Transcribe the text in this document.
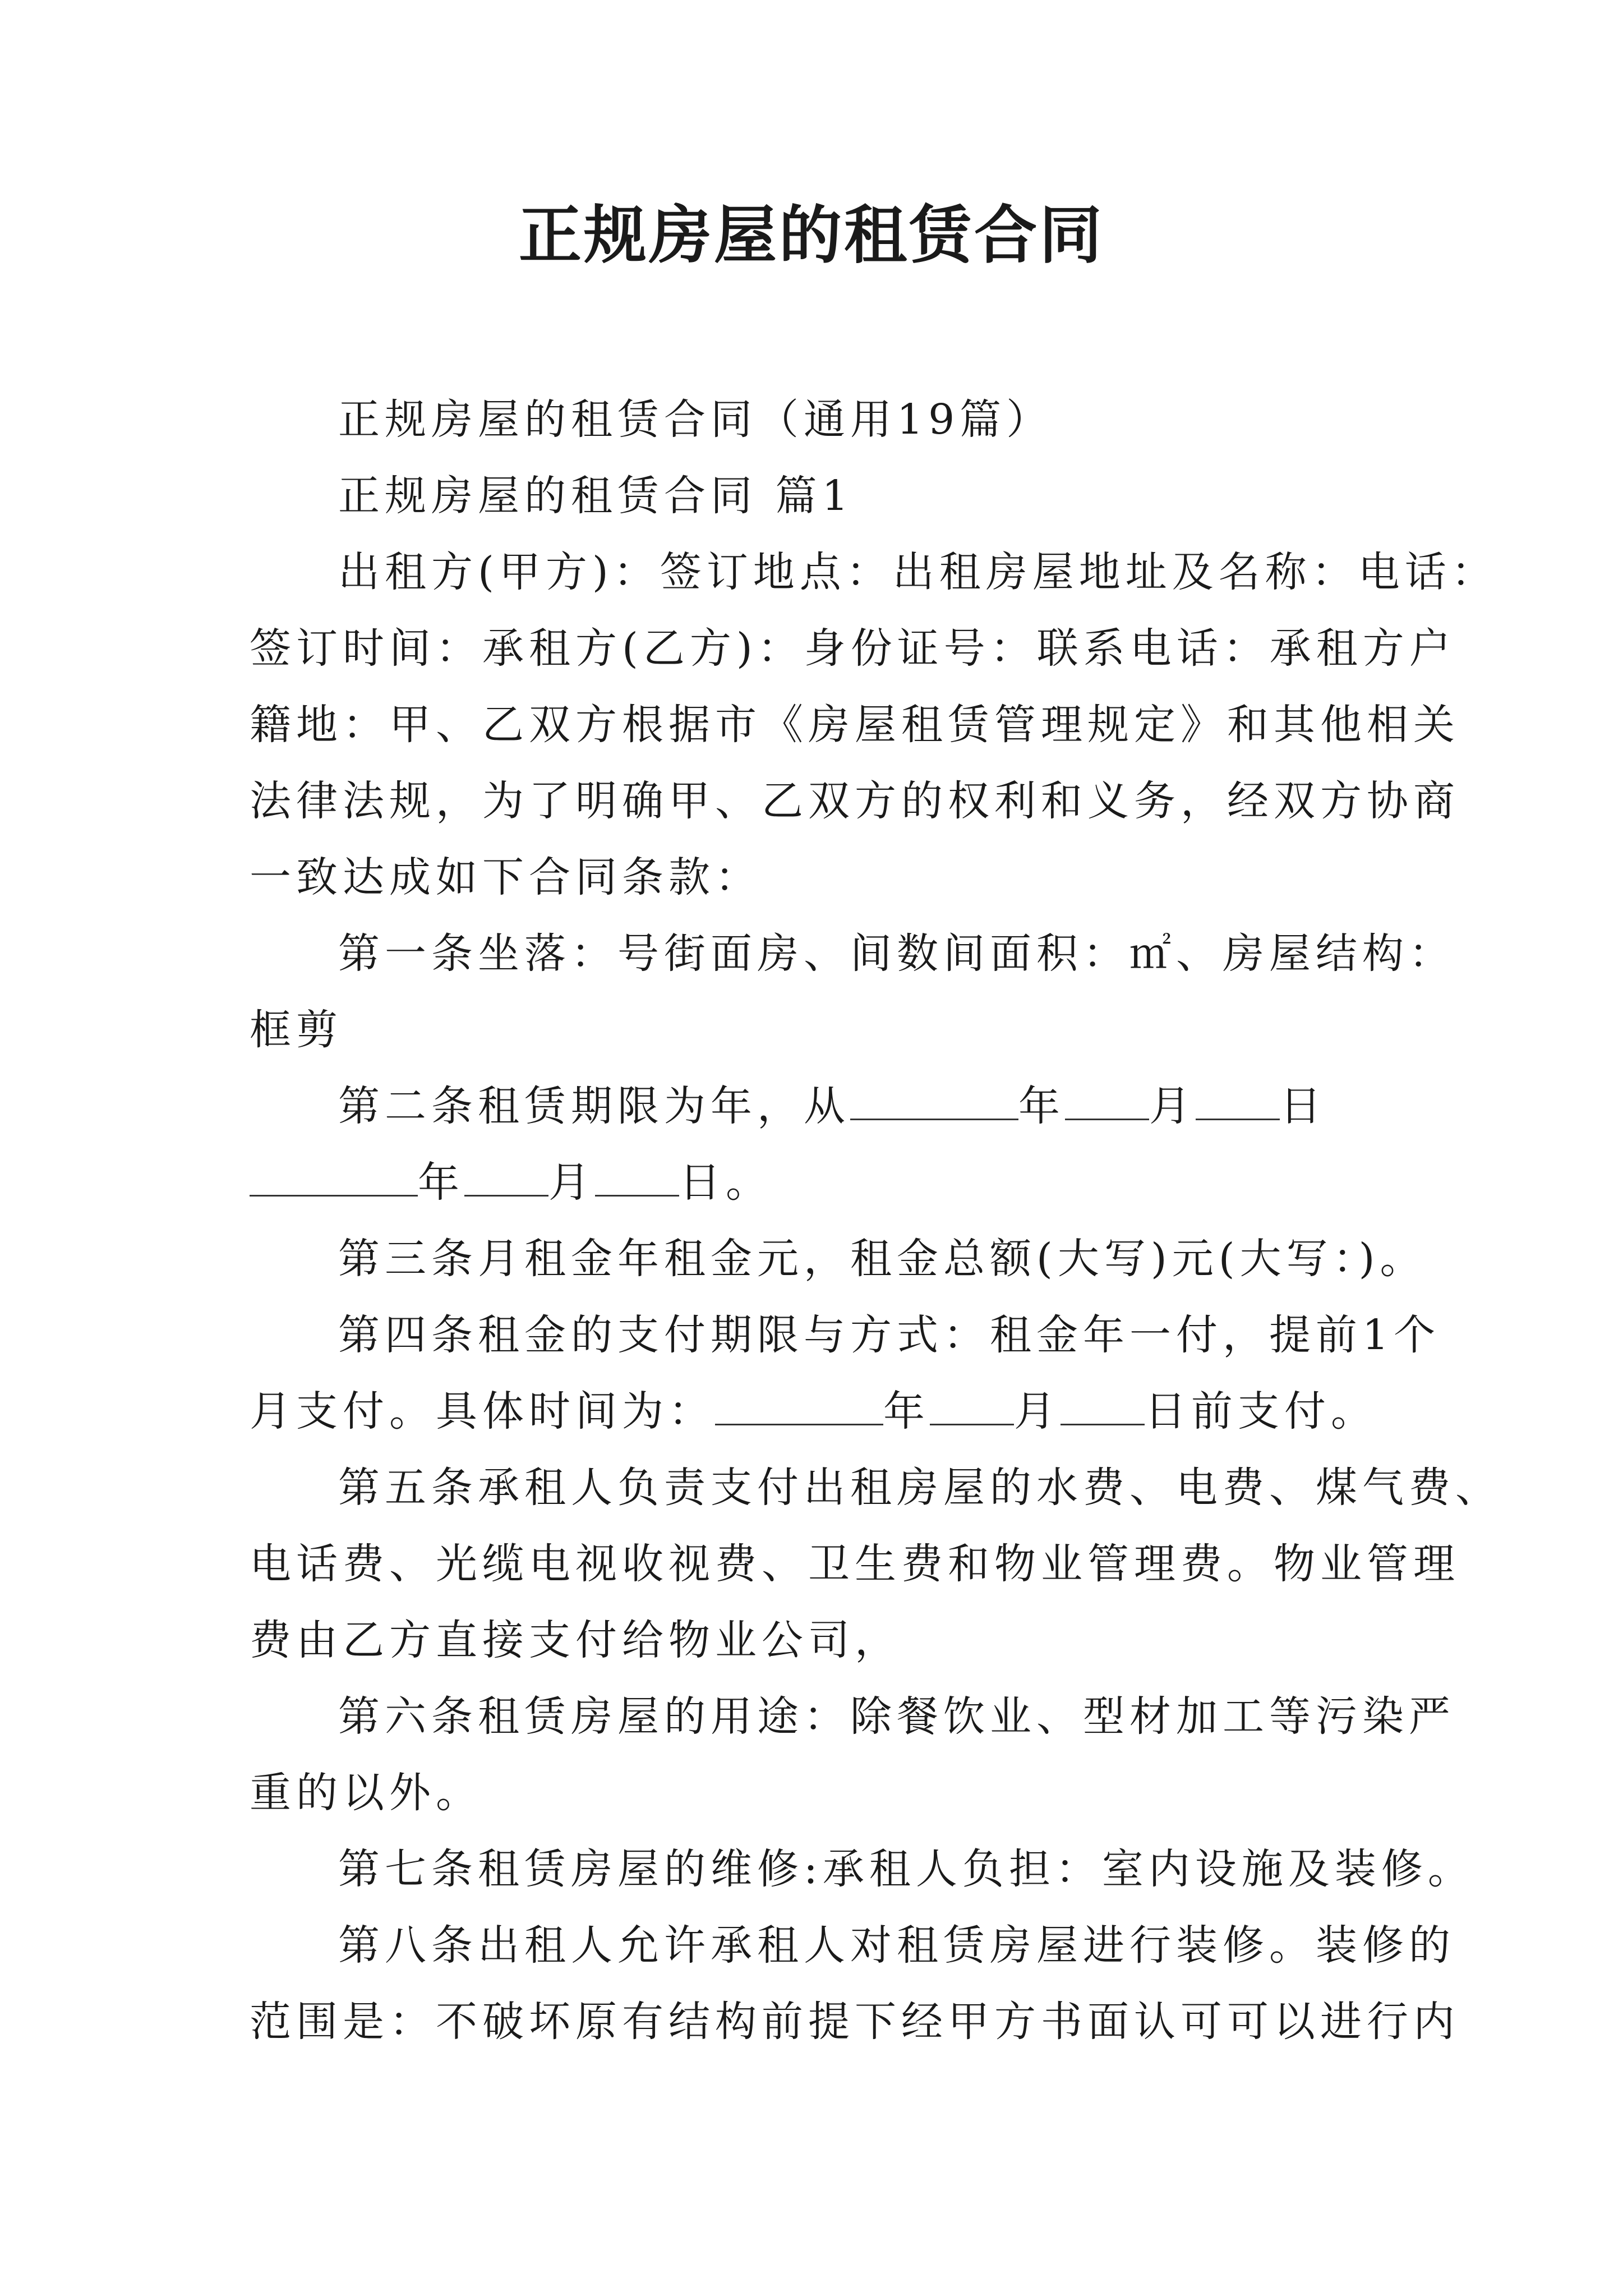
正规房屋的租赁合同

正规房屋的租赁合同（通用19篇）

正规房屋的租赁合同 篇1

出租方(甲方)：签订地点：出租房屋地址及名称：电话：
签订时间：承租方(乙方)：身份证号：联系电话：承租方户
籍地：甲、乙双方根据市《房屋租赁管理规定》和其他相关
法律法规，为了明确甲、乙双方的权利和义务，经双方协商
一致达成如下合同条款：

第一条坐落：号街面房、间数间面积：㎡、房屋结构：
框剪

第二条租赁期限为年，从	年 月 日
年 月 日。

第三条月租金年租金元，租金总额(大写)元(大写：)。

第四条租金的支付期限与方式：租金年一付，提前1个
月支付。具体时间为：	年 月 日前支付。

第五条承租人负责支付出租房屋的水费、电费、煤气费、
电话费、光缆电视收视费、卫生费和物业管理费。物业管理
费由乙方直接支付给物业公司，

第六条租赁房屋的用途：除餐饮业、型材加工等污染严
重的以外。

第七条租赁房屋的维修:承租人负担：室内设施及装修。

第八条出租人允许承租人对租赁房屋进行装修。装修的
范围是：不破坏原有结构前提下经甲方书面认可可以进行内
